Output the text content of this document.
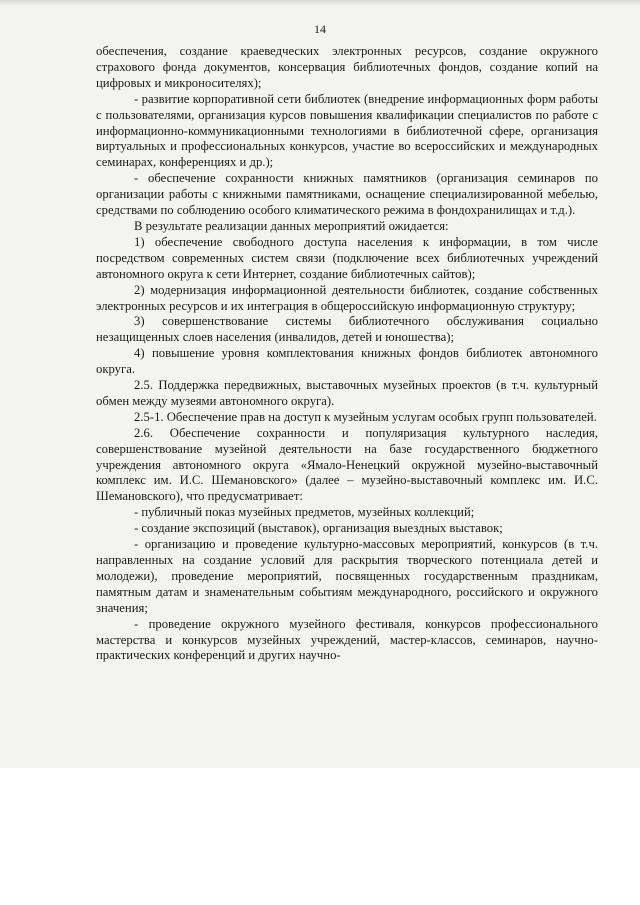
14

обеспечения, создание краеведческих электронных ресурсов, создание окружного страхового фонда документов, консервация библиотечных фондов, создание копий на цифровых и микроносителях);

- развитие корпоративной сети библиотек (внедрение информационных форм работы с пользователями, организация курсов повышения квалификации специалистов по работе с информационно-коммуникационными технологиями в библиотечной сфере, организация виртуальных и профессиональных конкурсов, участие во всероссийских и международных семинарах, конференциях и др.);

- обеспечение сохранности книжных памятников (организация семинаров по организации работы с книжными памятниками, оснащение специализированной мебелью, средствами по соблюдению особого климатического режима в фондохранилищах и т.д.).

В результате реализации данных мероприятий ожидается:

1) обеспечение свободного доступа населения к информации, в том числе посредством современных систем связи (подключение всех библиотечных учреждений автономного округа к сети Интернет, создание библиотечных сайтов);

2) модернизация информационной деятельности библиотек, создание собственных электронных ресурсов и их интеграция в общероссийскую информационную структуру;

3) совершенствование системы библиотечного обслуживания социально незащищенных слоев населения (инвалидов, детей и юношества);

4) повышение уровня комплектования книжных фондов библиотек автономного округа.

2.5. Поддержка передвижных, выставочных музейных проектов (в т.ч. культурный обмен между музеями автономного округа).

2.5-1. Обеспечение прав на доступ к музейным услугам особых групп пользователей.

2.6. Обеспечение сохранности и популяризация культурного наследия, совершенствование музейной деятельности на базе государственного бюджетного учреждения автономного округа «Ямало-Ненецкий окружной музейно-выставочный комплекс им. И.С. Шемановского» (далее – музейно-выставочный комплекс им. И.С. Шемановского), что предусматривает:

- публичный показ музейных предметов, музейных коллекций;

- создание экспозиций (выставок), организация выездных выставок;

- организацию и проведение культурно-массовых мероприятий, конкурсов (в т.ч. направленных на создание условий для раскрытия творческого потенциала детей и молодежи), проведение мероприятий, посвященных государственным праздникам, памятным датам и знаменательным событиям международного, российского и окружного значения;

- проведение окружного музейного фестиваля, конкурсов профессионального мастерства и конкурсов музейных учреждений, мастер-классов, семинаров, научно-практических конференций и других научно-
